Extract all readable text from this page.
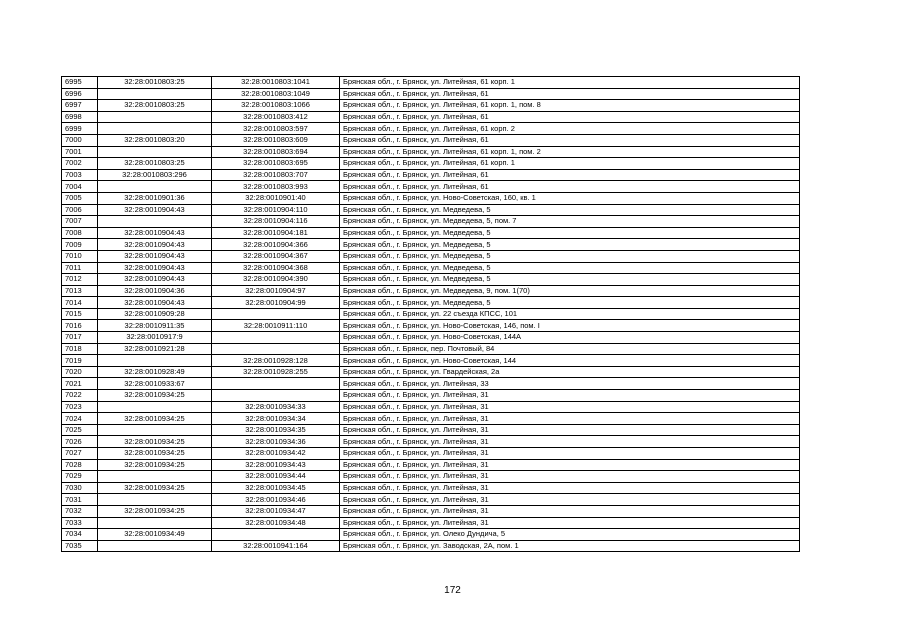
6995	32:28:0010803:25	32:28:0010803:1041	Брянская обл., г. Брянск, ул. Литейная, 61 корп. 1
6996		32:28:0010803:1049	Брянская обл., г. Брянск, ул. Литейная, 61
6997	32:28:0010803:25	32:28:0010803:1066	Брянская обл., г. Брянск, ул. Литейная, 61 корп. 1, пом. 8
6998		32:28:0010803:412	Брянская обл., г. Брянск, ул. Литейная, 61
6999		32:28:0010803:597	Брянская обл., г. Брянск, ул. Литейная, 61 корп. 2
7000	32:28:0010803:20	32:28:0010803:609	Брянская обл., г. Брянск, ул. Литейная, 61
7001		32:28:0010803:694	Брянская обл., г. Брянск, ул. Литейная, 61 корп. 1, пом. 2
7002	32:28:0010803:25	32:28:0010803:695	Брянская обл., г. Брянск, ул. Литейная, 61 корп. 1
7003	32:28:0010803:296	32:28:0010803:707	Брянская обл., г. Брянск, ул. Литейная, 61
7004		32:28:0010803:993	Брянская обл., г. Брянск, ул. Литейная, 61
7005	32:28:0010901:36	32:28:0010901:40	Брянская обл., г. Брянск, ул. Ново-Советская, 160, кв. 1
7006	32:28:0010904:43	32:28:0010904:110	Брянская обл., г. Брянск, ул. Медведева, 5
7007		32:28:0010904:116	Брянская обл., г. Брянск, ул. Медведева, 5, пом. 7
7008	32:28:0010904:43	32:28:0010904:181	Брянская обл., г. Брянск, ул. Медведева, 5
7009	32:28:0010904:43	32:28:0010904:366	Брянская обл., г. Брянск, ул. Медведева, 5
7010	32:28:0010904:43	32:28:0010904:367	Брянская обл., г. Брянск, ул. Медведева, 5
7011	32:28:0010904:43	32:28:0010904:368	Брянская обл., г. Брянск, ул. Медведева, 5
7012	32:28:0010904:43	32:28:0010904:390	Брянская обл., г. Брянск, ул. Медведева, 5
7013	32:28:0010904:36	32:28:0010904:97	Брянская обл., г. Брянск, ул. Медведева, 9, пом. 1(70)
7014	32:28:0010904:43	32:28:0010904:99	Брянская обл., г. Брянск, ул. Медведева, 5
7015	32:28:0010909:28		Брянская обл., г. Брянск, ул. 22 съезда КПСС, 101
7016	32:28:0010911:35	32:28:0010911:110	Брянская обл., г. Брянск, ул. Ново-Советская, 146, пом. I
7017	32:28:0010917:9		Брянская обл., г. Брянск, ул. Ново-Советская, 144А
7018	32:28:0010921:28		Брянская обл., г. Брянск, пер. Почтовый, 84
7019		32:28:0010928:128	Брянская обл., г. Брянск, ул. Ново-Советская, 144
7020	32:28:0010928:49	32:28:0010928:255	Брянская обл., г. Брянск, ул. Гвардейская, 2а
7021	32:28:0010933:67		Брянская обл., г. Брянск, ул. Литейная, 33
7022	32:28:0010934:25		Брянская обл., г. Брянск, ул. Литейная, 31
7023		32:28:0010934:33	Брянская обл., г. Брянск, ул. Литейная, 31
7024	32:28:0010934:25	32:28:0010934:34	Брянская обл., г. Брянск, ул. Литейная, 31
7025		32:28:0010934:35	Брянская обл., г. Брянск, ул. Литейная, 31
7026	32:28:0010934:25	32:28:0010934:36	Брянская обл., г. Брянск, ул. Литейная, 31
7027	32:28:0010934:25	32:28:0010934:42	Брянская обл., г. Брянск, ул. Литейная, 31
7028	32:28:0010934:25	32:28:0010934:43	Брянская обл., г. Брянск, ул. Литейная, 31
7029		32:28:0010934:44	Брянская обл., г. Брянск, ул. Литейная, 31
7030	32:28:0010934:25	32:28:0010934:45	Брянская обл., г. Брянск, ул. Литейная, 31
7031		32:28:0010934:46	Брянская обл., г. Брянск, ул. Литейная, 31
7032	32:28:0010934:25	32:28:0010934:47	Брянская обл., г. Брянск, ул. Литейная, 31
7033		32:28:0010934:48	Брянская обл., г. Брянск, ул. Литейная, 31
7034	32:28:0010934:49		Брянская обл., г. Брянск, ул. Олеко Дундича, 5
7035		32:28:0010941:164	Брянская обл., г. Брянск, ул. Заводская, 2А, пом. 1
172
